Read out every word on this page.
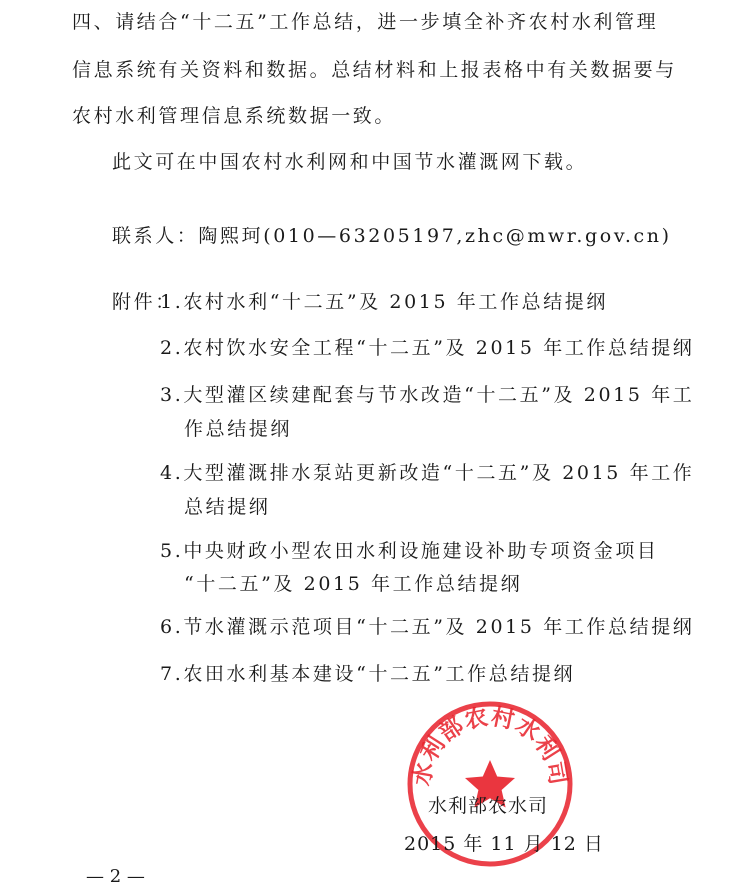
四、请结合“十二五”工作总结，进一步填全补齐农村水利管理
信息系统有关资料和数据。总结材料和上报表格中有关数据要与
农村水利管理信息系统数据一致。
此文可在中国农村水利网和中国节水灌溉网下载。
联系人：陶熙珂(010—63205197,zhc@mwr.gov.cn)
附件：
1.农村水利“十二五”及 2015 年工作总结提纲
2.农村饮水安全工程“十二五”及 2015 年工作总结提纲
3.大型灌区续建配套与节水改造“十二五”及 2015 年工
作总结提纲
4.大型灌溉排水泵站更新改造“十二五”及 2015 年工作
总结提纲
5.中央财政小型农田水利设施建设补助专项资金项目
“十二五”及 2015 年工作总结提纲
6.节水灌溉示范项目“十二五”及 2015 年工作总结提纲
7.农田水利基本建设“十二五”工作总结提纲
水利部农村水利司
水利部农水司
2015 年 11 月 12 日
— 2 —
